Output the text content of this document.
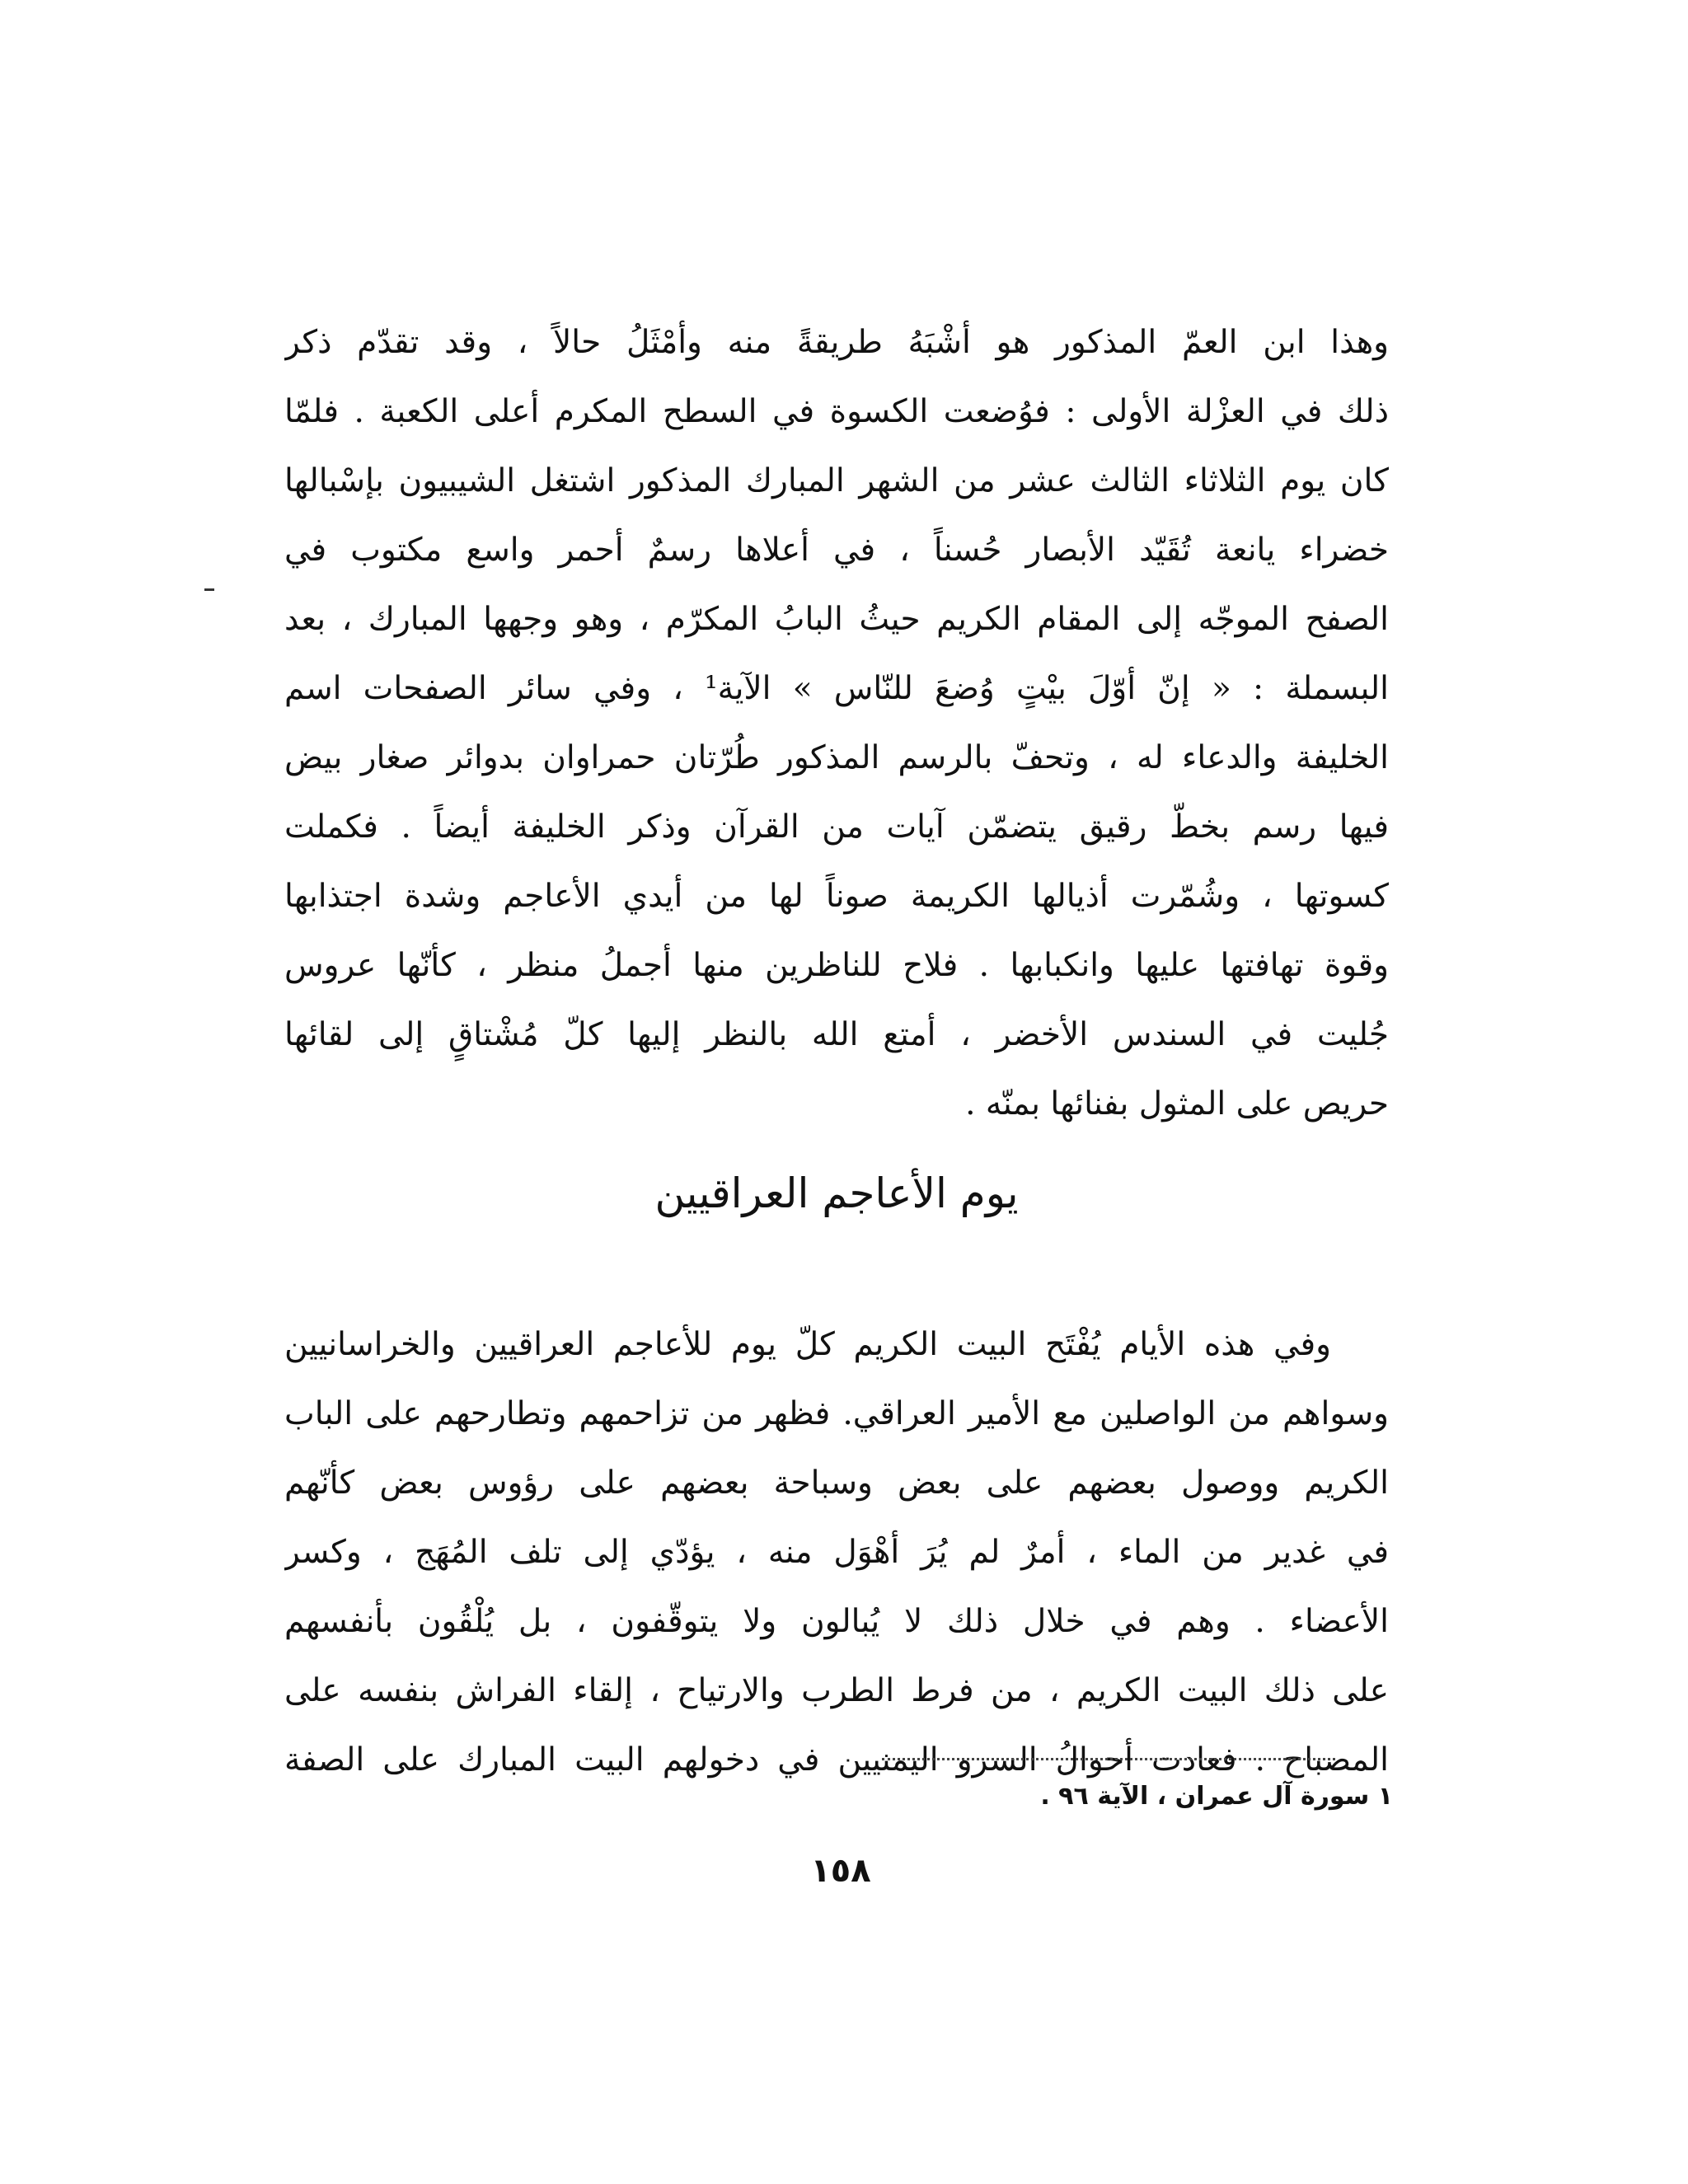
وهذا ابن العمّ المذكور هو أشْبَهُ طريقةً منه وأمْثَلُ حالاً ، وقد تقدّم ذكر
ذلك في العزْلة الأولى : فوُضعت الكسوة في السطح المكرم أعلى الكعبة . فلمّا
كان يوم الثلاثاء الثالث عشر من الشهر المبارك المذكور اشتغل الشيبيون بإسْبالها
خضراء يانعة تُقَيّد الأبصار حُسناً ، في أعلاها رسمٌ أحمر واسع مكتوب في
الصفح الموجّه إلى المقام الكريم حيثُ البابُ المكرّم ، وهو وجهها المبارك ، بعد
البسملة : « إنّ أوّلَ بيْتٍ وُضعَ للنّاس » الآية¹ ، وفي سائر الصفحات اسم
الخليفة والدعاء له ، وتحفّ بالرسم المذكور طُرّتان حمراوان بدوائر صغار بيض
فيها رسم بخطّ رقيق يتضمّن آيات من القرآن وذكر الخليفة أيضاً . فكملت
كسوتها ، وشُمّرت أذيالها الكريمة صوناً لها من أيدي الأعاجم وشدة اجتذابها
وقوة تهافتها عليها وانكبابها . فلاح للناظرين منها أجملُ منظر ، كأنّها عروس
جُليت في السندس الأخضر ، أمتع الله بالنظر إليها كلّ مُشْتاقٍ إلى لقائها
حريص على المثول بفنائها بمنّه .
يوم الأعاجم العراقيين
وفي هذه الأيام يُفْتَح البيت الكريم كلّ يوم للأعاجم العراقيين والخراسانيين
وسواهم من الواصلين مع الأمير العراقي. فظهر من تزاحمهم وتطارحهم على الباب
الكريم ووصول بعضهم على بعض وسباحة بعضهم على رؤوس بعض كأنّهم
في غدير من الماء ، أمرٌ لم يُرَ أهْوَل منه ، يؤدّي إلى تلف المُهَج ، وكسر
الأعضاء . وهم في خلال ذلك لا يُبالون ولا يتوقّفون ، بل يُلْقُون بأنفسهم
على ذلك البيت الكريم ، من فرط الطرب والارتياح ، إلقاء الفراش بنفسه على
المصباح . فعادت أحوالُ السرو اليمنيين في دخولهم البيت المبارك على الصفة
١ سورة آل عمران ، الآية ٩٦ .
١٥٨
